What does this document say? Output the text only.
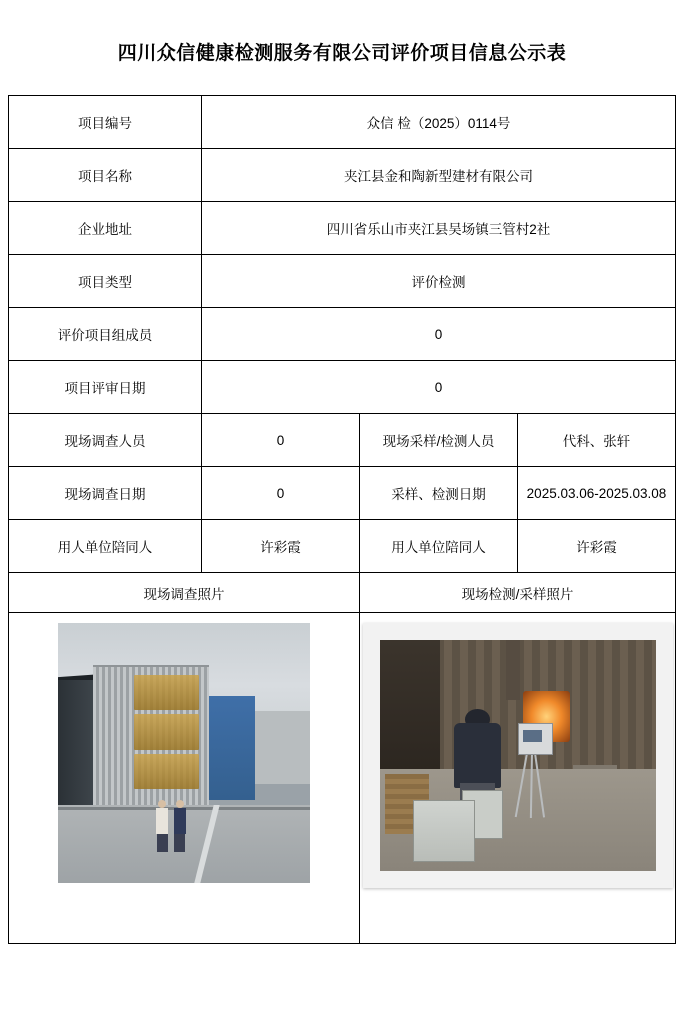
四川众信健康检测服务有限公司评价项目信息公示表
项目编号	众信 检（2025）0114号		
项目名称	夹江县金和陶新型建材有限公司		
企业地址	四川省乐山市夹江县吴场镇三管村2社		
项目类型	评价检测		
评价项目组成员	0		
项目评审日期	0		
现场调查人员	0	现场采样/检测人员	代科、张轩
现场调查日期	0	采样、检测日期	2025.03.06-2025.03.08
用人单位陪同人	许彩霞	用人单位陪同人	许彩霞
现场调查照片		现场检测/采样照片	
